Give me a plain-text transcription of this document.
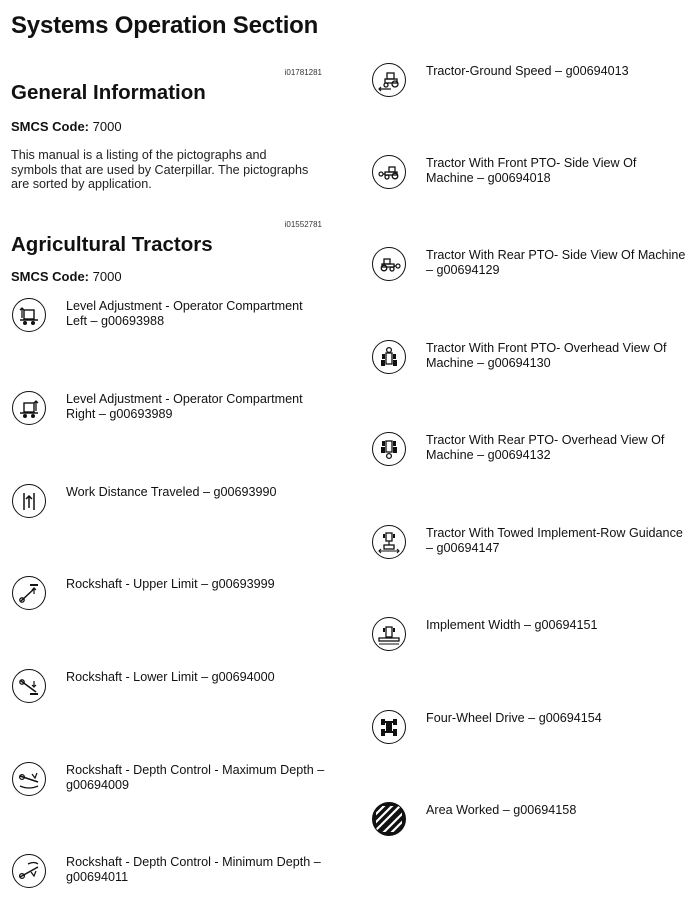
Systems Operation Section
i01781281
General Information
SMCS Code: 7000
This manual is a listing of the pictographs and symbols that are used by Caterpillar. The pictographs are sorted by application.
i01552781
Agricultural Tractors
SMCS Code: 7000
Level Adjustment - Operator Compartment Left – g00693988
Level Adjustment - Operator Compartment Right – g00693989
Work Distance Traveled – g00693990
Rockshaft - Upper Limit – g00693999
Rockshaft - Lower Limit – g00694000
Rockshaft - Depth Control - Maximum Depth – g00694009
Rockshaft - Depth Control - Minimum Depth – g00694011
Tractor-Ground Speed – g00694013
Tractor With Front PTO- Side View Of Machine – g00694018
Tractor With Rear PTO- Side View Of Machine – g00694129
Tractor With Front PTO- Overhead View Of Machine – g00694130
Tractor With Rear PTO- Overhead View Of Machine – g00694132
Tractor With Towed Implement-Row Guidance – g00694147
Implement Width – g00694151
Four-Wheel Drive – g00694154
Area Worked – g00694158
